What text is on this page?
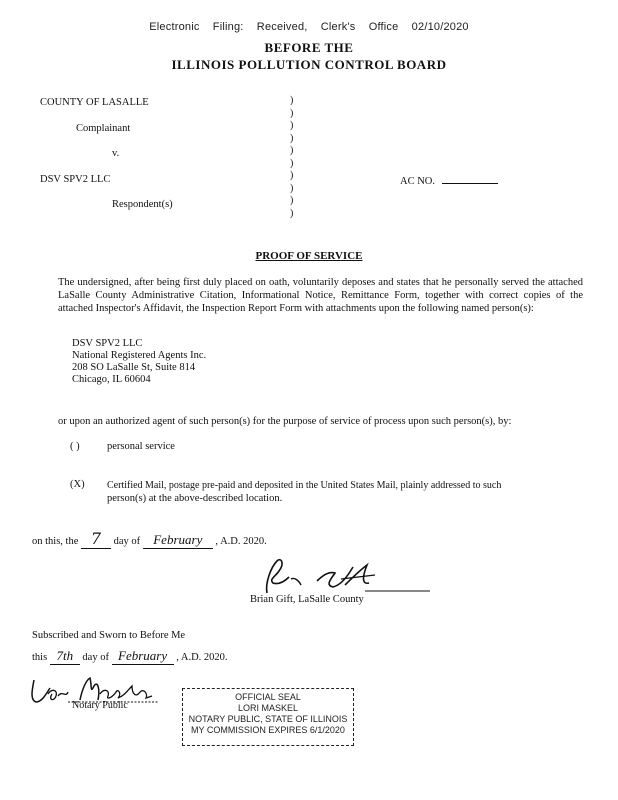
Electronic Filing: Received, Clerk's Office 02/10/2020
BEFORE THE
ILLINOIS POLLUTION CONTROL BOARD
COUNTY OF LASALLE
Complainant
v.
DSV SPV2 LLC
Respondent(s)
)
)
)
)
)
)
)
)
)
)
AC NO.
PROOF OF SERVICE
The undersigned, after being first duly placed on oath, voluntarily deposes and states that he personally served the attached LaSalle County Administrative Citation, Informational Notice, Remittance Form, together with correct copies of the attached Inspector's Affidavit, the Inspection Report Form with attachments upon the following named person(s):
DSV SPV2 LLC
National Registered Agents Inc.
208 SO LaSalle St, Suite 814
Chicago, IL 60604
or upon an authorized agent of such person(s) for the purpose of service of process upon such person(s), by:
( )	personal service
(X) Certified Mail, postage pre-paid and deposited in the United States Mail, plainly addressed to such
person(s) at the above-described location.
on this, the 7 day of February , A.D. 2020.
Brian Gift, LaSalle County
Subscribed and Sworn to Before Me
this 7th day of February , A.D. 2020.
Notary Public
OFFICIAL SEAL
LORI MASKEL
NOTARY PUBLIC, STATE OF ILLINOIS
MY COMMISSION EXPIRES 6/1/2020
